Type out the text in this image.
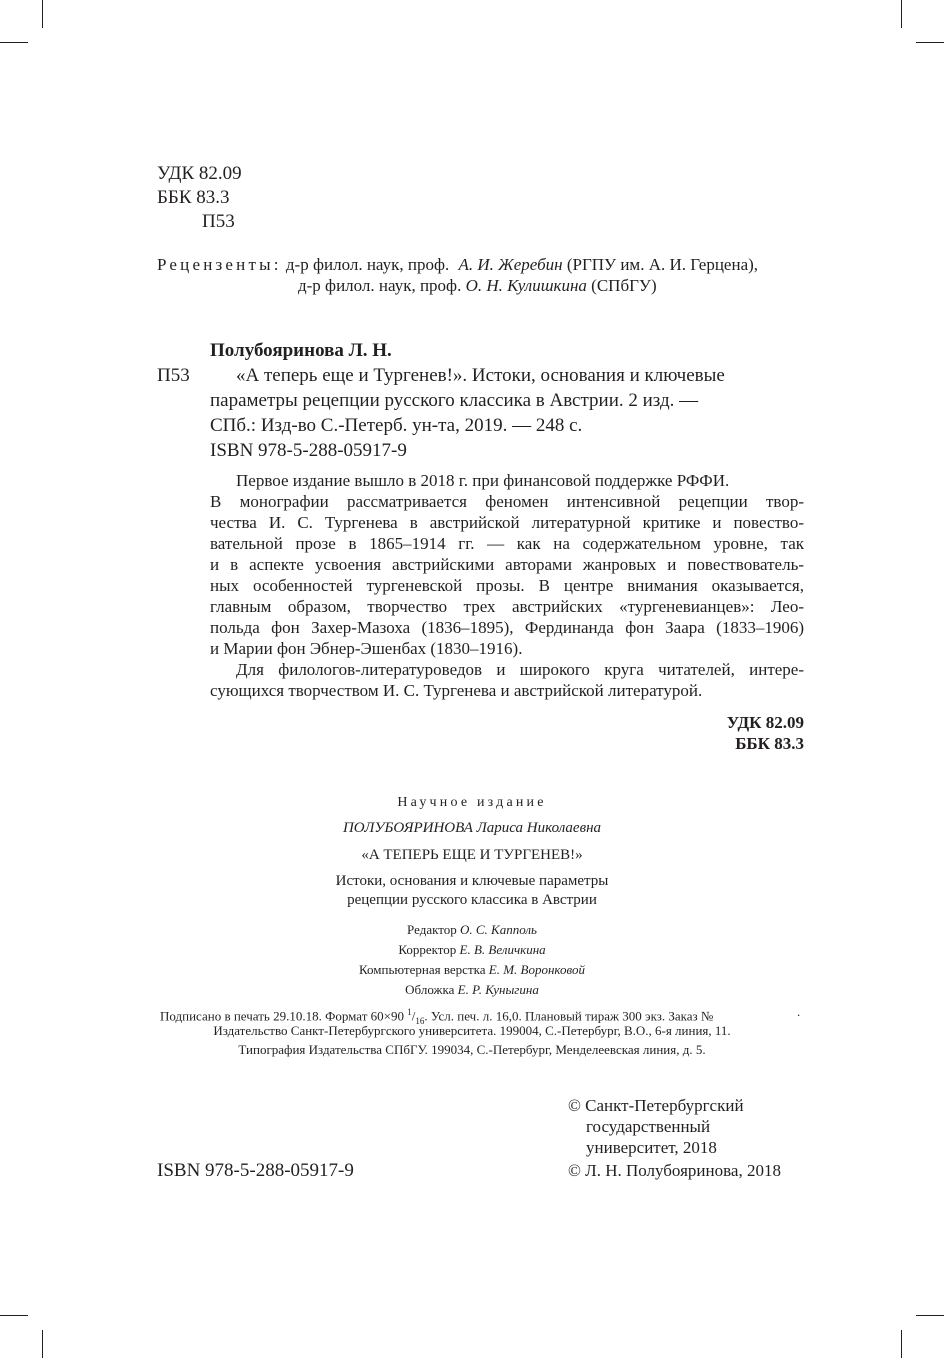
УДК 82.09
ББК 83.3
П53
Рецензенты: д-р филол. наук, проф. А. И. Жеребин (РГПУ им. А. И. Герцена),
д-р филол. наук, проф. О. Н. Кулишкина (СПбГУ)
Полубояринова Л. Н.
П53 «А теперь еще и Тургенев!». Истоки, основания и ключевые
параметры рецепции русского классика в Австрии. 2 изд. —
СПб.: Изд-во С.-Петерб. ун-та, 2019. — 248 с.
ISBN 978-5-288-05917-9
Первое издание вышло в 2018 г. при финансовой поддержке РФФИ.
В монографии рассматривается феномен интенсивной рецепции твор-
чества И. С. Тургенева в австрийской литературной критике и повество-
вательной прозе в 1865–1914 гг. — как на содержательном уровне, так
и в аспекте усвоения австрийскими авторами жанровых и повествователь-
ных особенностей тургеневской прозы. В центре внимания оказывается,
главным образом, творчество трех австрийских «тургеневианцев»: Лео-
польда фон Захер-Мазоха (1836–1895), Фердинанда фон Заара (1833–1906)
и Марии фон Эбнер-Эшенбах (1830–1916).
Для филологов-литературоведов и широкого круга читателей, интере-
сующихся творчеством И. С. Тургенева и австрийской литературой.
УДК 82.09
ББК 83.3
Научное издание
ПОЛУБОЯРИНОВА Лариса Николаевна
«А ТЕПЕРЬ ЕЩЕ И ТУРГЕНЕВ!»
Истоки, основания и ключевые параметры
рецепции русского классика в Австрии
Редактор О. С. Капполь
Корректор Е. В. Величкина
Компьютерная верстка Е. М. Воронковой
Обложка Е. Р. Куныгина
Подписано в печать 29.10.18. Формат 60×90 $^1/_{16}$. Усл. печ. л. 16,0. Плановый тираж 300 экз. Заказ №	.
Издательство Санкт-Петербургского университета. 199004, С.-Петербург, В.О., 6-я линия, 11.
Типография Издательства СПбГУ. 199034, С.-Петербург, Менделеевская линия, д. 5.
© Санкт-Петербургский
государственный
университет, 2018
ISBN 978-5-288-05917-9	© Л. Н. Полубояринова, 2018
